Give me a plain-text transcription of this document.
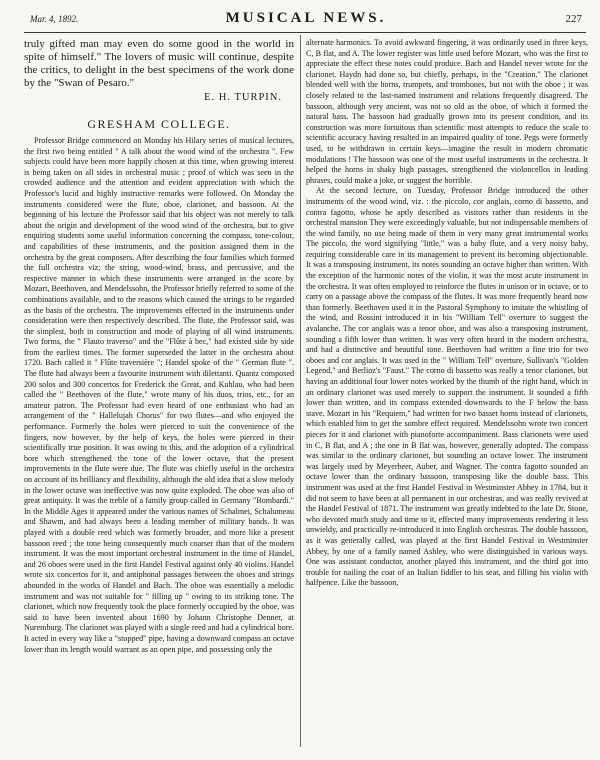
Mar. 4, 1892.	MUSICAL NEWS.	227

truly gifted man may even do some good in the world in spite of himself." The lovers of music will continue, despite the critics, to delight in the best specimens of the work done by the "Swan of Pesaro."

E. H. TURPIN.
GRESHAM COLLEGE.

Professor Bridge commenced on Monday his Hilary series of musical lectures, the first two being entitled " A talk about the wood wind of the orchestra ". Few subjects could have been more happily chosen at this time, when growing interest is being taken on all sides in orchestral music ; proof of which was seen in the crowded audience and the attention and evident appreciation with which the Professor's lucid and highly instructive remarks were followed. On Monday the instruments considered were the flute, oboe, clarionet, and bassoon. At the beginning of his lecture the Professor said that his object was not merely to talk about the origin and development of the wood wind of the orchestra, but to give enquiring students some useful information concerning the compass, tone-colour, and capabilities of these instruments, and the position assigned them in the orchestra by the great composers. After describing the four families which formed the full orchestra viz; the string, wood-wind, brass, and percussive, and the respective manner in which these instruments were arranged in the score by Mozart, Beethoven, and Mendelssohn, the Professor briefly referred to some of the combinations available, and to the reasons which caused the strings to be regarded as the basis of the orchestra. The improvements effected in the instruments under consideration were then respectively described. The flute, the Professor said, was the simplest, both in construction and mode of playing of all wind instruments. Two forms, the " Flauto traverso" and the "Flûte à bec," had existed side by side from the earliest times. The former superseded the latter in the orchestra about 1720. Bach called it " Flûte traversière "; Handel spoke of the " German flute ". The flute had always been a favourite instrument with dilettanti. Quantz composed 200 solos and 300 concertos for Frederick the Great, and Kuhlau, who had been called the " Beethoven of the flute," wrote many of his duos, trios, etc., for an amateur patron. The Professor had even heard of one enthusiast who had an arrangement of the " Hallelujah Chorus" for two flutes—and who enjoyed the performance. Formerly the holes were pierced to suit the convenience of the fingers, now however, by the help of keys, the holes were pierced in their scientifically true position. It was owing to this, and the adoption of a cylindrical bore which strengthened the tone of the lower octave, that the present improvements in the flute were due. The flute was chiefly useful in the orchestra on account of its brilliancy and flexibility, although the old idea that a slow melody in the lower octave was ineffective was now quite exploded. The oboe was also of great antiquity. It was the treble of a family group called in Germany "Bombardi." In the Middle Ages it appeared under the various names of Schalmei, Schalumeau and Shawm, and had always been a leading member of military bands. It was played with a double reed which was formerly broader, and more like a present bassoon reed ; the tone being consequently much coarser than that of the modern instrument. It was the most important orchestral instrument in the time of Handel, and 26 oboes were used in the first Handel Festival against only 40 violins. Handel wrote six concertos for it, and antiphonal passages between the oboes and strings abounded in the works of Handel and Bach. The oboe was essentially a melodic instrument and was not suitable for " filling up " owing to its striking tone. The clarionet, which now frequently took the place formerly occupied by the oboe, was said to have been invented about 1690 by Johann Christophe Denner, at Nuremburg. The clarionet was played with a single reed and had a cylindrical bore. It acted in every way like a "stopped" pipe, having a downward compass an octave lower than its length would warrant as an open pipe, and possessing only the

alternate harmonics. To avoid awkward fingering, it was ordinarily used in three keys, C, B flat, and A. The lower register was little used before Mozart, who was the first to appreciate the effect these notes could produce. Bach and Handel never wrote for the clarionet. Haydn had done so, but chiefly, perhaps, in the "Creation." The clarionet blended well with the horns, trumpets, and trombones, but not with the oboe ; it was closely related to the last-named instrument and relations frequently disagreed. The bassoon, although very ancient, was not so old as the oboe, of which it formed the natural bass. The bassoon had gradually grown into its present condition, and its construction was more fortuitous than scientific most attempts to reduce the scale to scientific accuracy having resulted in an impaired quality of tone. Pegs were formerly used, to be withdrawn in certain keys—imagine the result in modern chromatic modulations ! The bassoon was one of the most useful instruments in the orchestra. It helped the horns in shaky high passages, strengthened the violoncellos in leading phrases, could make a joke, or suggest the horrible.

At the second lecture, on Tuesday, Professor Bridge introduced the other instruments of the wood wind, viz. : the piccolo, cor anglais, corno di bassetto, and contra fagotto, whose he aptly described as visitors rather than residents in the orchestral mansion They were exceedingly valuable, but not indispensable members of the wind family, no use being made of them in very many great instrumental works The piccolo, the word signifying "little," was a baby flute, and a very noisy baby, requiring considerable care in its management to prevent its becoming objectionable. It was a transposing instrument, its notes sounding an octave higher than written. With the exception of the harmonic notes of the violin, it was the most acute instrument in the orchestra. It was often employed to reinforce the flutes in unison or in octave, or to carry on a passage above the compass of the flutes. It was more frequently heard now than formerly. Beethoven used it in the Pastoral Symphony to imitate the whistling of the wind, and Rossini introduced it in his "William Tell" overture to suggest the avalanche. The cor anglais was a tenor oboe, and was also a transposing instrument, sounding a fifth lower than written. It was very often heard in the modern orchestra, and had a distinctive and beautiful tone. Beethoven had written a fine trio for two oboes and cor anglais. It was used in the " William Tell" overture, Sullivan's "Golden Legend," and Berlioz's "Faust." The corno di bassetto was really a tenor clarionet, but having an additional four lower notes worked by the thumb of the right hand, which in an ordinary clarionet was used merely to support the instrument. It sounded a fifth lower than written, and its compass extended downwards to the F below the bass stave. Mozart in his "Requiem," had written for two basset horns instead of clarionets, which enabled him to get the sombre effect required. Mendelssohn wrote two concert pieces for it and clarionet with pianoforte accompaniment. Bass clarionets were used in C, B flat, and A ; the one in B flat was, however, generally adopted. The compass was similar to the ordinary clarionet, but sounding an octave lower. The instrument was largely used by Meyerbeer, Auber, and Wagner. The contra fagotto sounded an octave lower than the ordinary bassoon, transposing like the double bass. This instrument was used at the first Handel Festival in Westminster Abbey in 1784, but it did not seem to have been at all permanent in our orchestras, and was really revived at the Handel Festival of 1871. The instrument was greatly indebted to the late Dr. Stone, who devoted much study and time to it, effected many improvements rendering it less unwieldy, and practically re-introduced it into English orchestras. The double bassoon, as it was generally called, was played at the first Handel Festival in Westminster Abbey, by one of a family named Ashley, who were distinguished in various ways. One was assistant conductor, another played this instrument, and the third got into trouble for nailing the coat of an Italian fiddler to his seat, and filling his violin with halfpence. Like the bassoon,
